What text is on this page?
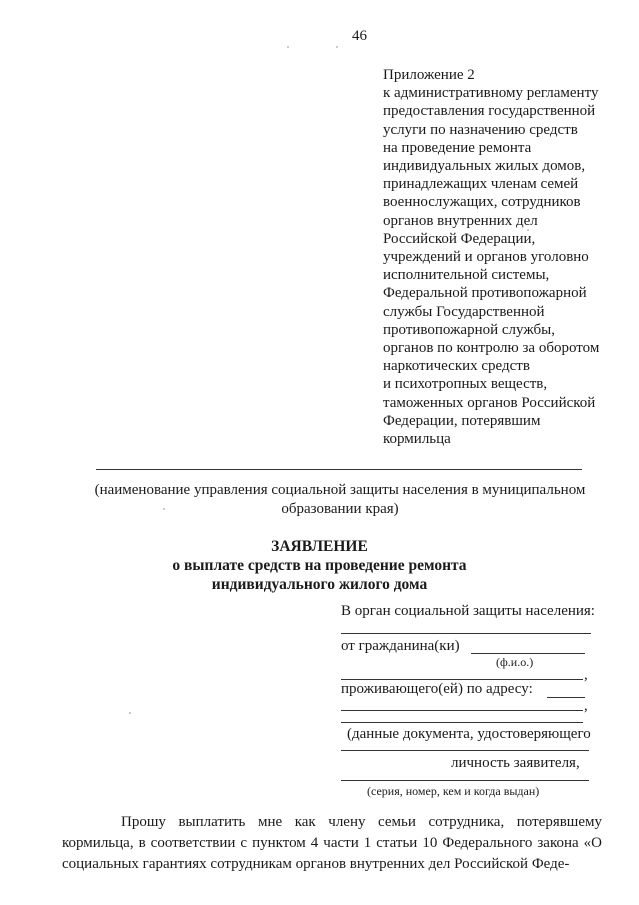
46
Приложение 2
к административному регламенту
предоставления государственной
услуги по назначению средств
на проведение ремонта
индивидуальных жилых домов,
принадлежащих членам семей
военнослужащих, сотрудников
органов внутренних дел
Российской Федерации,
учреждений и органов уголовно
исполнительной системы,
Федеральной противопожарной
службы Государственной
противопожарной службы,
органов по контролю за оборотом
наркотических средств
и психотропных веществ,
таможенных органов Российской
Федерации, потерявшим
кормильца
(наименование управления социальной защиты населения в муниципальном
образовании края)
ЗАЯВЛЕНИЕ
о выплате средств на проведение ремонта
индивидуального жилого дома
В орган социальной защиты населения:
от гражданина(ки)
(ф.и.о.)
,
проживающего(ей) по адресу:
,
(данные документа, удостоверяющего
личность заявителя,
(серия, номер, кем и когда выдан)
Прошу выплатить мне как члену семьи сотрудника, потерявшему кормильца, в соответствии с пунктом 4 части 1 статьи 10 Федерального закона «О социальных гарантиях сотрудникам органов внутренних дел Российской Феде-
